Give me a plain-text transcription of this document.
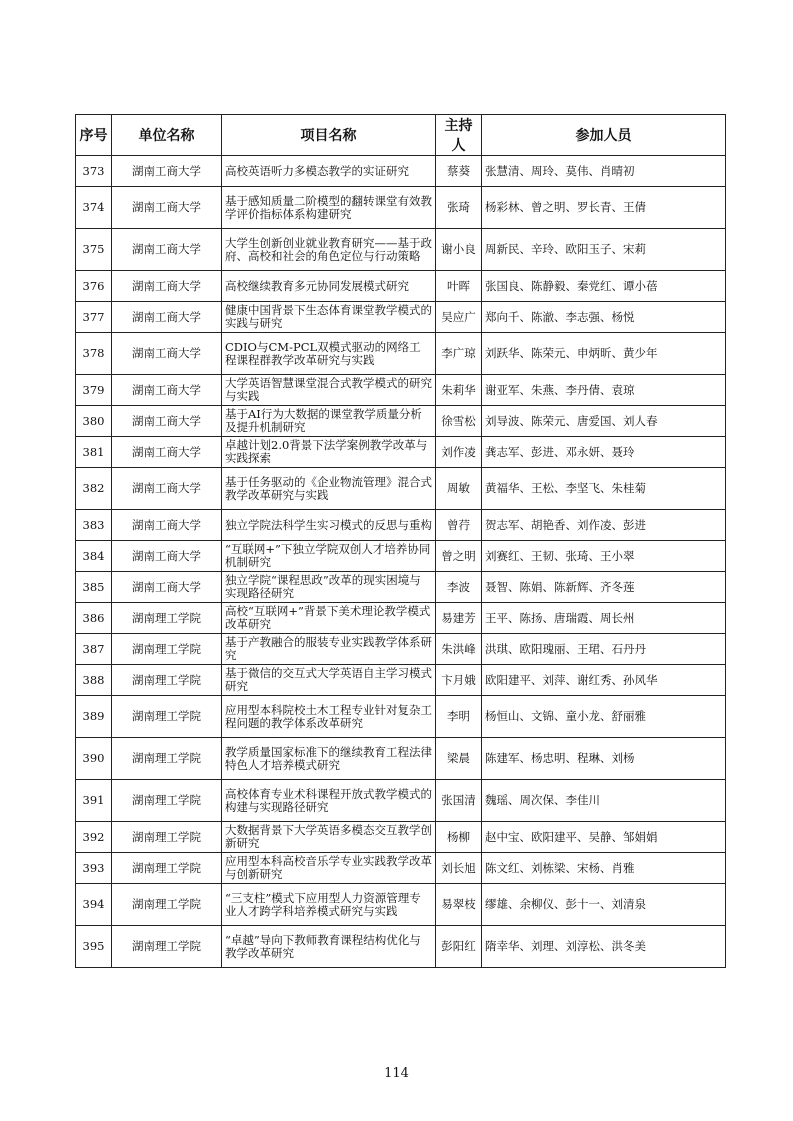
序号	单位名称	项目名称	主持人	参加人员
373	湖南工商大学	高校英语听力多模态教学的实证研究	蔡葵	张慧清、周玲、莫伟、肖晴初
374	湖南工商大学	基于感知质量二阶模型的翻转课堂有效教学评价指标体系构建研究	张琦	杨彩林、曾之明、罗长青、王倩
375	湖南工商大学	大学生创新创业就业教育研究——基于政府、高校和社会的角色定位与行动策略	谢小良	周新民、辛玲、欧阳玉子、宋莉
376	湖南工商大学	高校继续教育多元协同发展模式研究	叶晖	张国良、陈静毅、秦党红、谭小蓓
377	湖南工商大学	健康中国背景下生态体育课堂教学模式的实践与研究	吴应广	郑向千、陈澈、李志强、杨悦
378	湖南工商大学	CDIO与CM-PCL双模式驱动的网络工程课程群教学改革研究与实践	李广琼	刘跃华、陈荣元、申炳昕、黄少年
379	湖南工商大学	大学英语智慧课堂混合式教学模式的研究与实践	朱莉华	谢亚军、朱燕、李丹倩、袁琼
380	湖南工商大学	基于AI行为大数据的课堂教学质量分析及提升机制研究	徐雪松	刘导波、陈荣元、唐爱国、刘人春
381	湖南工商大学	卓越计划2.0背景下法学案例教学改革与实践探索	刘作凌	龚志军、彭进、邓永妍、聂玲
382	湖南工商大学	基于任务驱动的《企业物流管理》混合式教学改革研究与实践	周敏	黄福华、王松、李坚飞、朱桂菊
383	湖南工商大学	独立学院法科学生实习模式的反思与重构	曾荇	贺志军、胡艳香、刘作凌、彭进
384	湖南工商大学	“互联网+”下独立学院双创人才培养协同机制研究	曾之明	刘赛红、王韧、张琦、王小翠
385	湖南工商大学	独立学院“课程思政”改革的现实困境与实现路径研究	李波	聂智、陈娟、陈新辉、齐冬莲
386	湖南理工学院	高校“互联网+”背景下美术理论教学模式改革研究	易建芳	王平、陈扬、唐瑞霞、周长州
387	湖南理工学院	基于产教融合的服装专业实践教学体系研究	朱洪峰	洪琪、欧阳瑰丽、王珺、石丹丹
388	湖南理工学院	基于微信的交互式大学英语自主学习模式研究	卞月娥	欧阳建平、刘萍、谢红秀、孙风华
389	湖南理工学院	应用型本科院校土木工程专业针对复杂工程问题的教学体系改革研究	李明	杨恒山、文锦、童小龙、舒丽雅
390	湖南理工学院	教学质量国家标准下的继续教育工程法律特色人才培养模式研究	梁晨	陈建军、杨忠明、程琳、刘杨
391	湖南理工学院	高校体育专业术科课程开放式教学模式的构建与实现路径研究	张国清	魏瑶、周次保、李佳川
392	湖南理工学院	大数据背景下大学英语多模态交互教学创新研究	杨柳	赵中宝、欧阳建平、吴静、邹娟娟
393	湖南理工学院	应用型本科高校音乐学专业实践教学改革与创新研究	刘长旭	陈文红、刘栋梁、宋杨、肖雅
394	湖南理工学院	“三支柱”模式下应用型人力资源管理专业人才跨学科培养模式研究与实践	易翠枝	缪雄、余柳仪、彭十一、刘清泉
395	湖南理工学院	“卓越”导向下教师教育课程结构优化与教学改革研究	彭阳红	隋幸华、刘理、刘淳松、洪冬美
114
